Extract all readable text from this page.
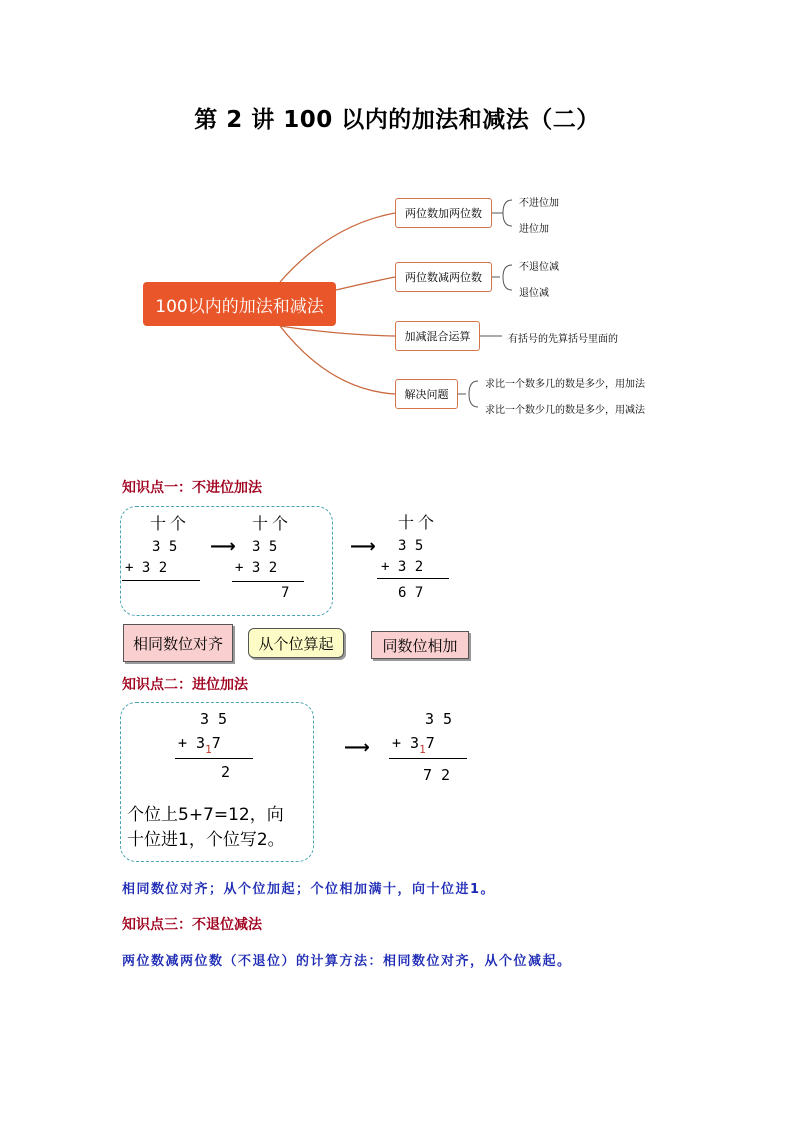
第 2 讲 100 以内的加法和减法（二）
100以内的加法和减法
两位数加两位数
不进位加
进位加
两位数减两位数
不退位减
退位减
加减混合运算	有括号的先算括号里面的
解决问题
求比一个数多几的数是多少，用加法
求比一个数少几的数是多少，用减法
知识点一：不进位加法
十个
3 5
+ 3 2
⟶
十个
3 5
+ 3 2
7
⟶
十个
3 5
+ 3 2
6 7
相同数位对齐	从个位算起	同数位相加
知识点二：进位加法
3 5
+ $3_17$
2
个位上5+7=12，向
十位进1，个位写2。
⟶
3 5
+ $3_17$
7 2
相同数位对齐；从个位加起；个位相加满十，向十位进1。
知识点三：不退位减法
两位数减两位数（不退位）的计算方法：相同数位对齐，从个位减起。
